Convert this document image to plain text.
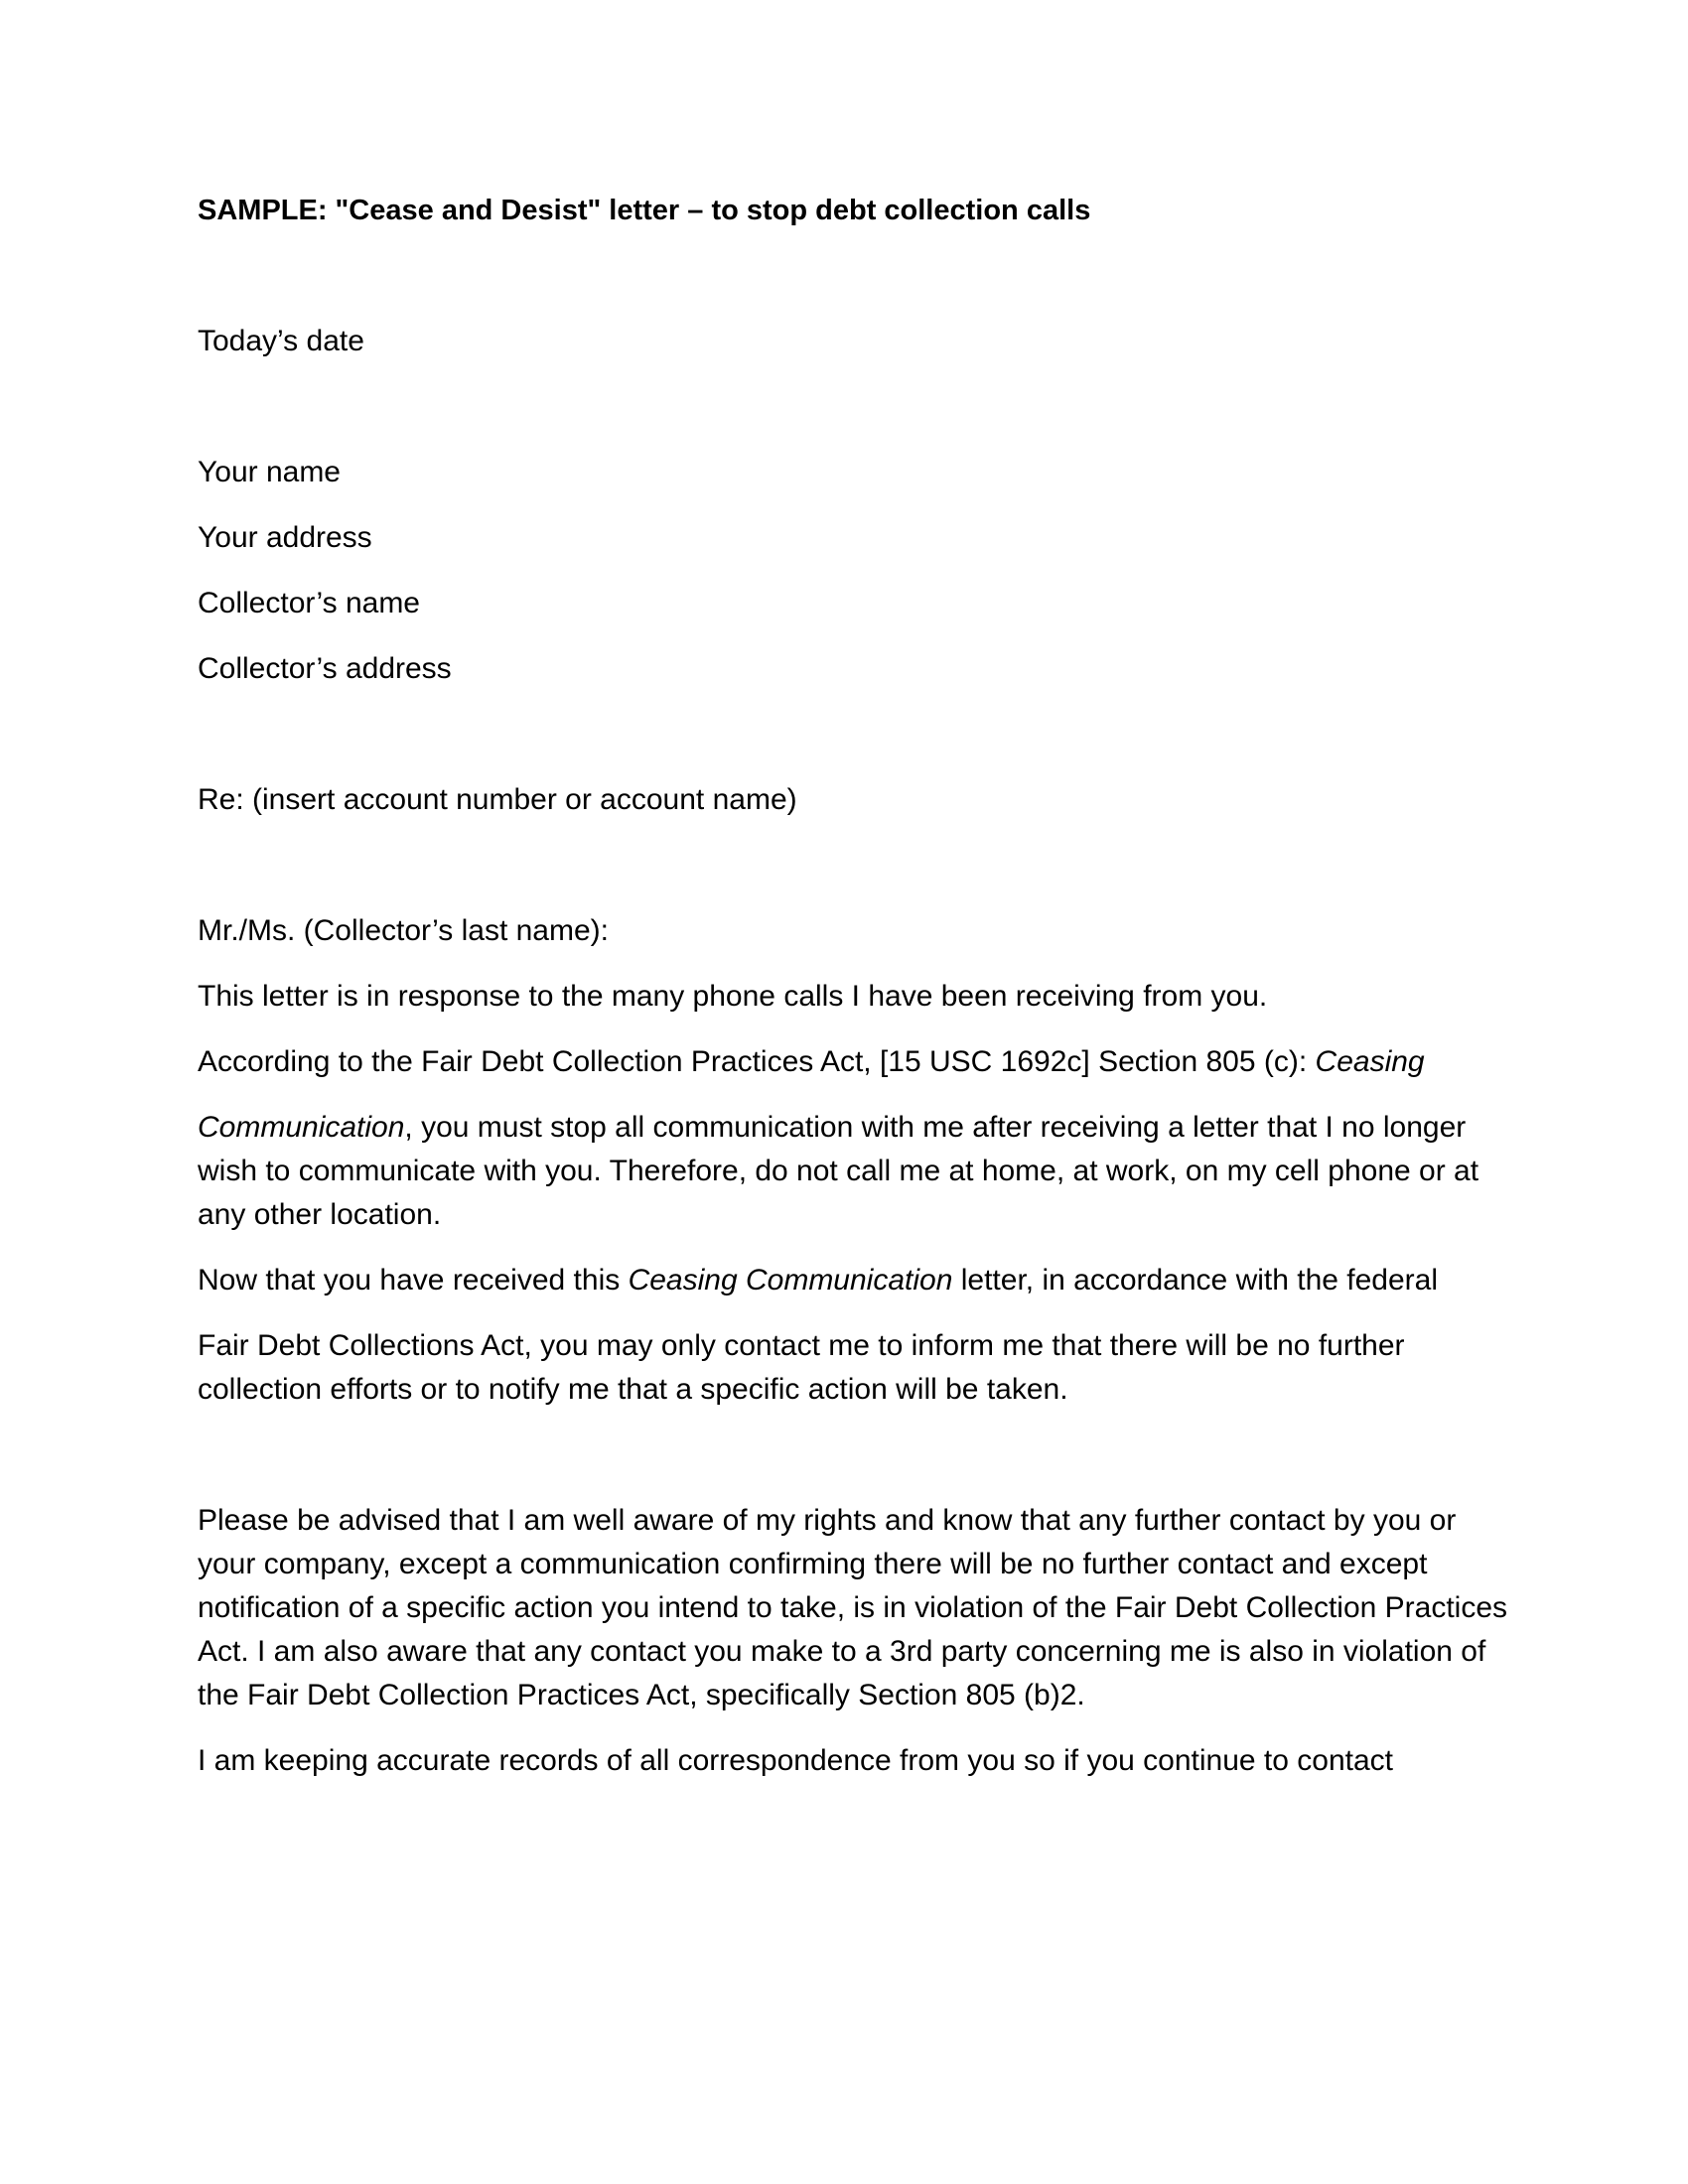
SAMPLE: "Cease and Desist" letter – to stop debt collection calls

Today’s date

Your name

Your address

Collector’s name

Collector’s address

Re: (insert account number or account name)

Mr./Ms. (Collector’s last name):

This letter is in response to the many phone calls I have been receiving from you.

According to the Fair Debt Collection Practices Act, [15 USC 1692c] Section 805 (c): Ceasing

Communication, you must stop all communication with me after receiving a letter that I no longer wish to communicate with you. Therefore, do not call me at home, at work, on my cell phone or at any other location.

Now that you have received this Ceasing Communication letter, in accordance with the federal

Fair Debt Collections Act, you may only contact me to inform me that there will be no further collection efforts or to notify me that a specific action will be taken.

Please be advised that I am well aware of my rights and know that any further contact by you or your company, except a communication confirming there will be no further contact and except notification of a specific action you intend to take, is in violation of the Fair Debt Collection Practices Act. I am also aware that any contact you make to a 3rd party concerning me is also in violation of the Fair Debt Collection Practices Act, specifically Section 805 (b)2.

I am keeping accurate records of all correspondence from you so if you continue to contact
